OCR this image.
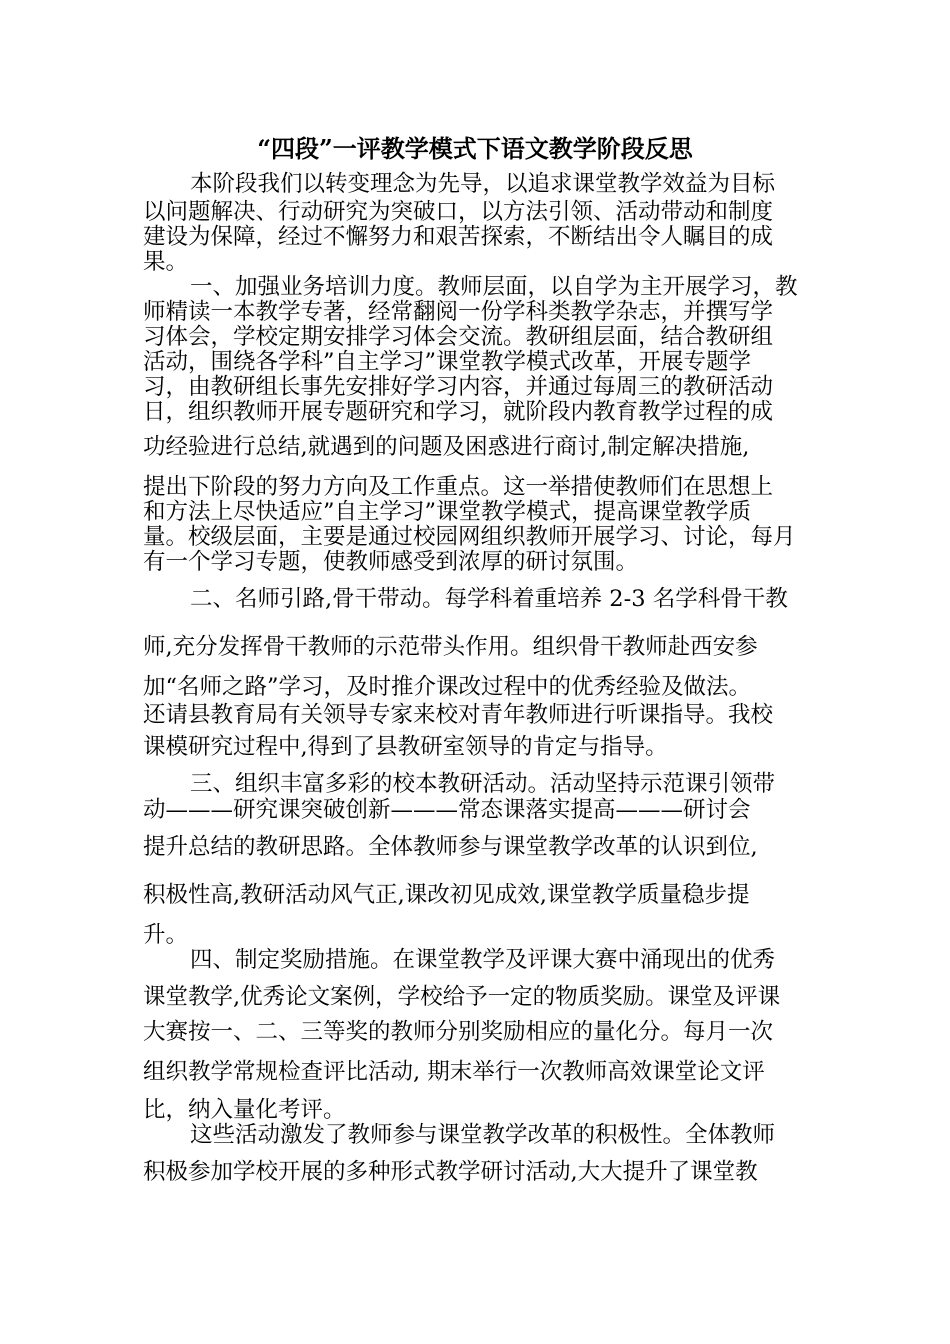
“四段”一评教学模式下语文教学阶段反思

本阶段我们以转变理念为先导，以追求课堂教学效益为目标

以问题解决、行动研究为突破口，以方法引领、活动带动和制度

建设为保障，经过不懈努力和艰苦探索，不断结出令人瞩目的成

果。

一、加强业务培训力度。教师层面，以自学为主开展学习，教

师精读一本教学专著，经常翻阅一份学科类教学杂志，并撰写学

习体会，学校定期安排学习体会交流。教研组层面，结合教研组

活动，围绕各学科”自主学习”课堂教学模式改革，开展专题学

习，由教研组长事先安排好学习内容，并通过每周三的教研活动

日，组织教师开展专题研究和学习，就阶段内教育教学过程的成

功经验进行总结,就遇到的问题及困惑进行商讨,制定解决措施,

提出下阶段的努力方向及工作重点。这一举措使教师们在思想上

和方法上尽快适应”自主学习”课堂教学模式，提高课堂教学质

量。校级层面，主要是通过校园网组织教师开展学习、讨论，每月

有一个学习专题，使教师感受到浓厚的研讨氛围。

二、名师引路,骨干带动。每学科着重培养 2-3 名学科骨干教

师,充分发挥骨干教师的示范带头作用。组织骨干教师赴西安参

加“名师之路”学习，及时推介课改过程中的优秀经验及做法。

还请县教育局有关领导专家来校对青年教师进行听课指导。我校

课模研究过程中,得到了县教研室领导的肯定与指导。

三、组织丰富多彩的校本教研活动。活动坚持示范课引领带

动———研究课突破创新———常态课落实提高———研讨会

提升总结的教研思路。全体教师参与课堂教学改革的认识到位,

积极性高,教研活动风气正,课改初见成效,课堂教学质量稳步提

升。

四、制定奖励措施。在课堂教学及评课大赛中涌现出的优秀

课堂教学,优秀论文案例，学校给予一定的物质奖励。课堂及评课

大赛按一、二、三等奖的教师分别奖励相应的量化分。每月一次

组织教学常规检查评比活动, 期末举行一次教师高效课堂论文评

比，纳入量化考评。

这些活动激发了教师参与课堂教学改革的积极性。全体教师

积极参加学校开展的多种形式教学研讨活动,大大提升了课堂教
